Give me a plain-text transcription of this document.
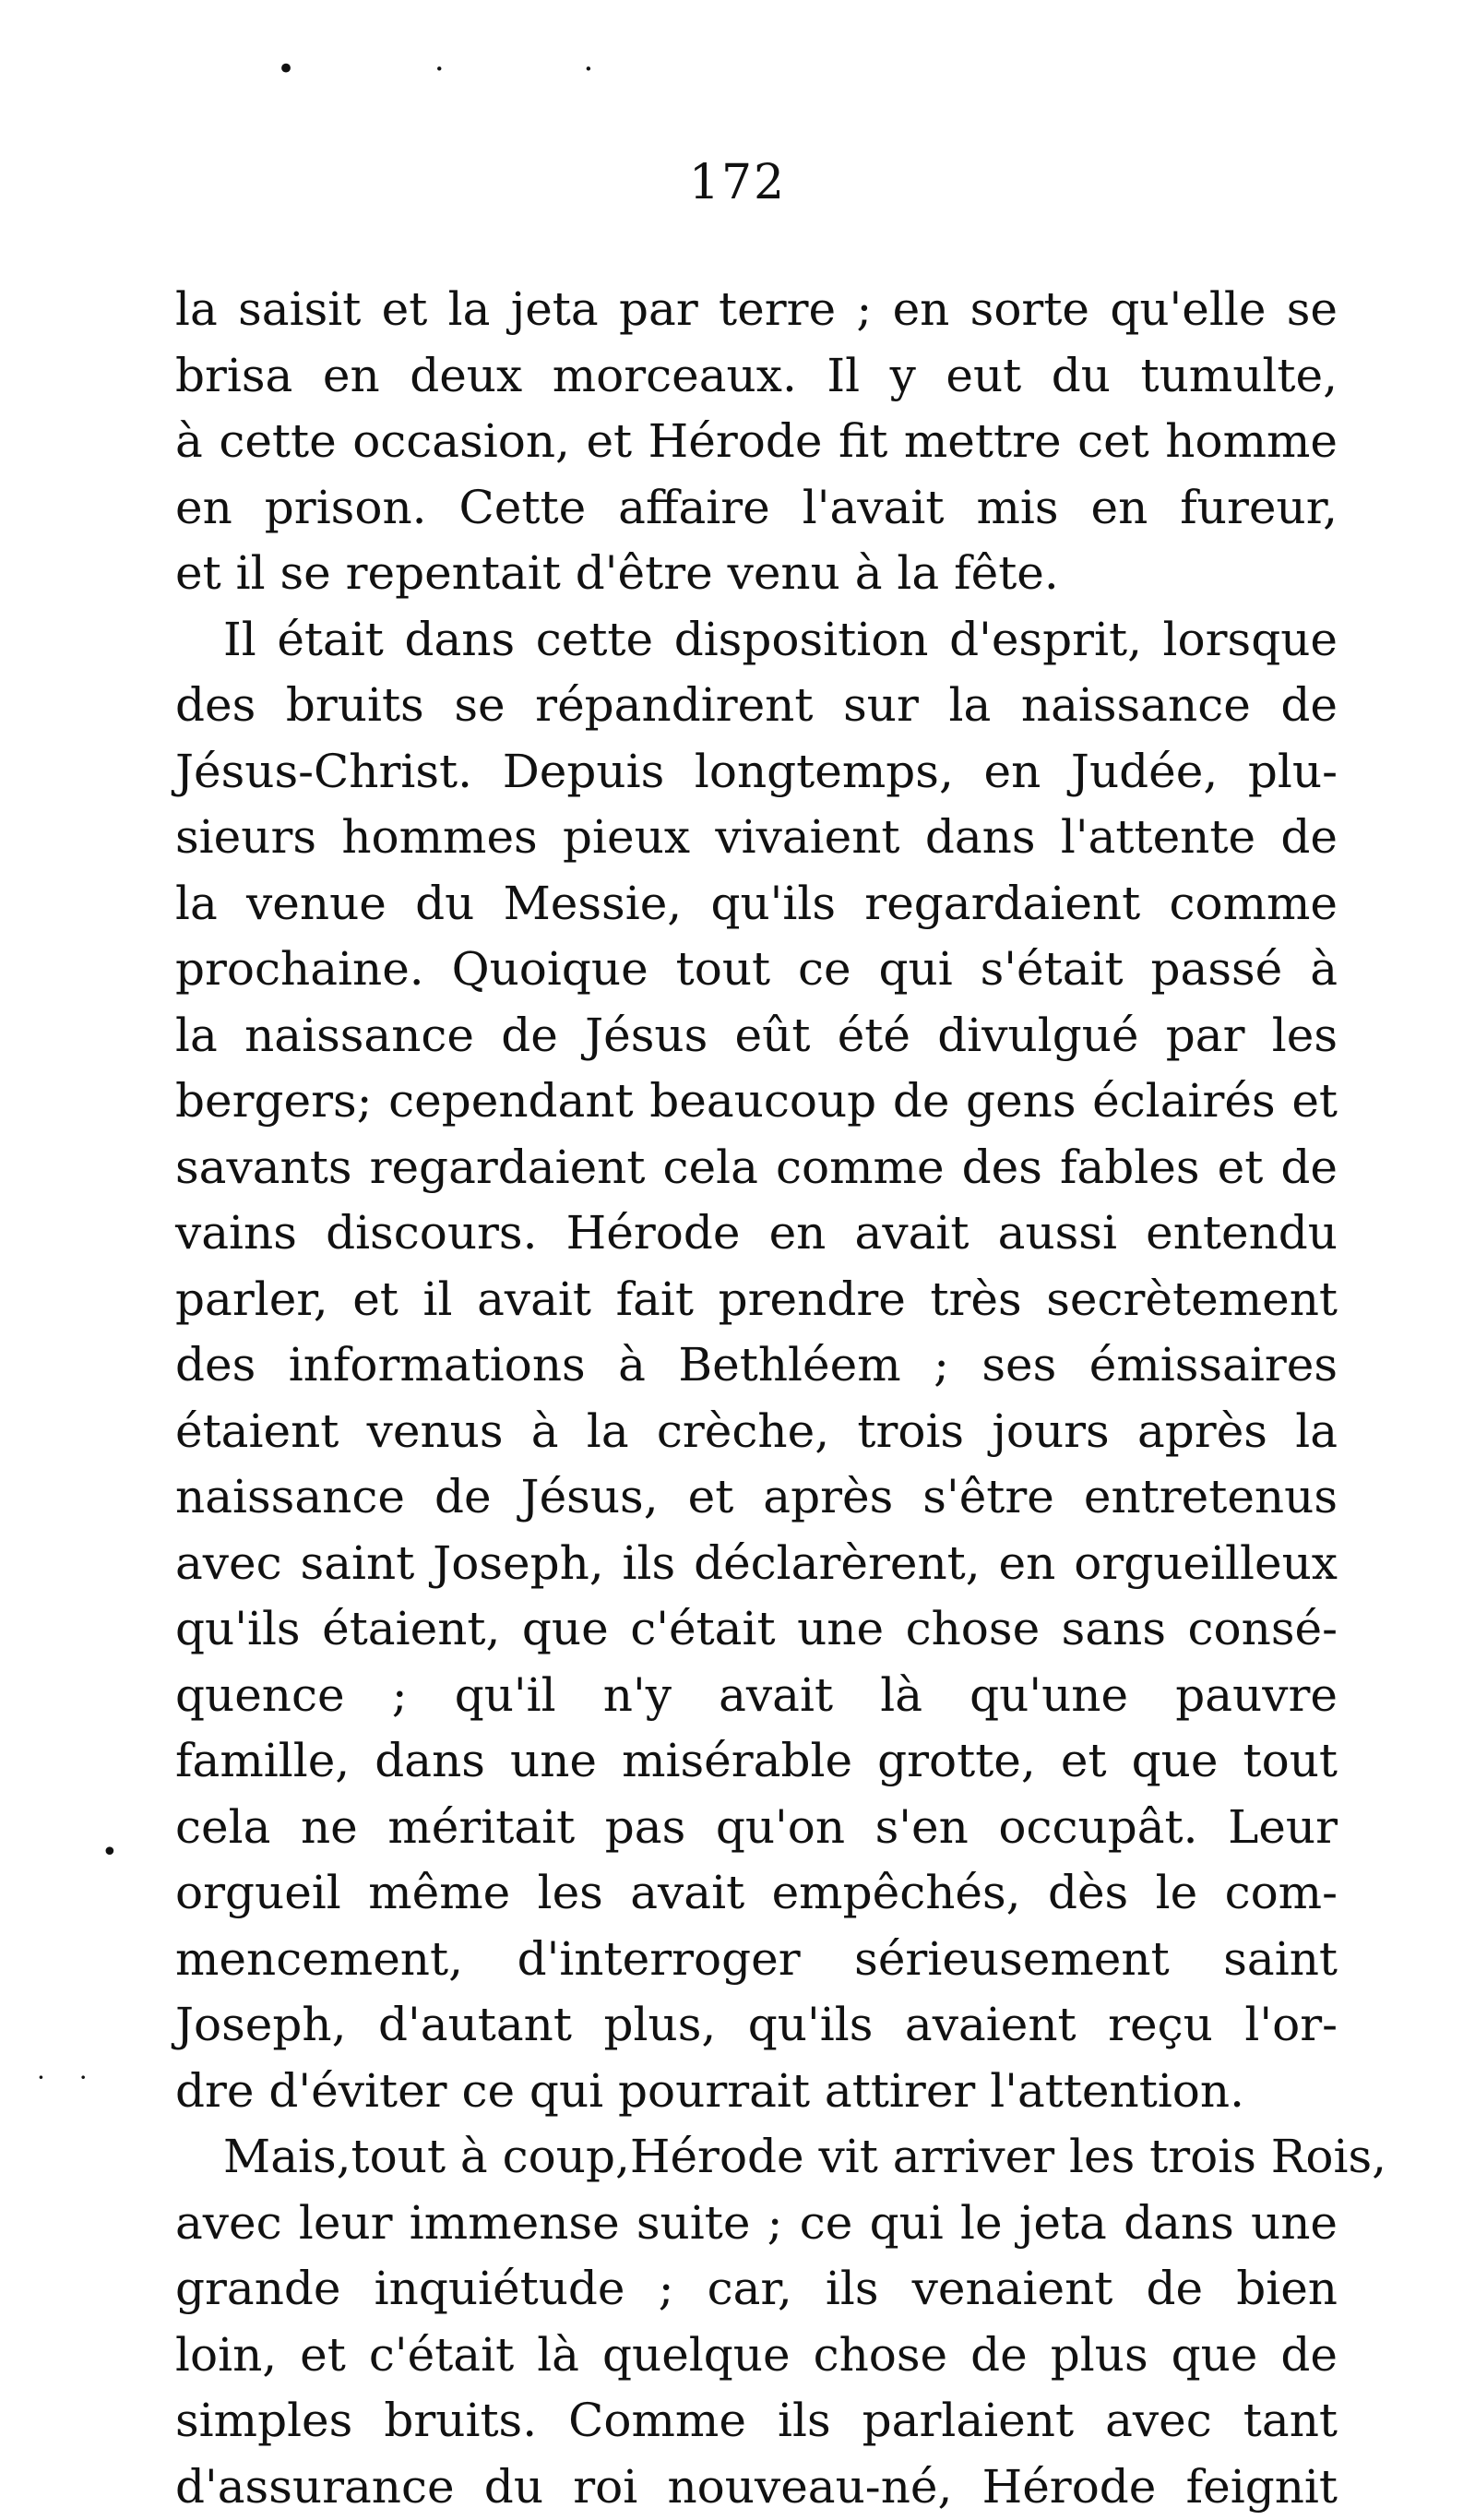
• · ·
172
la saisit et la jeta par terre ; en sorte qu'elle se
brisa en deux morceaux. Il y eut du tumulte,
à cette occasion, et Hérode fit mettre cet homme
en prison. Cette affaire l'avait mis en fureur,
et il se repentait d'être venu à la fête.
Il était dans cette disposition d'esprit, lorsque
des bruits se répandirent sur la naissance de
Jésus-Christ. Depuis longtemps, en Judée, plu-
sieurs hommes pieux vivaient dans l'attente de
la venue du Messie, qu'ils regardaient comme
prochaine. Quoique tout ce qui s'était passé à
la naissance de Jésus eût été divulgué par les
bergers; cependant beaucoup de gens éclairés et
savants regardaient cela comme des fables et de
vains discours. Hérode en avait aussi entendu
parler, et il avait fait prendre très secrètement
des informations à Bethléem ; ses émissaires
étaient venus à la crèche, trois jours après la
naissance de Jésus, et après s'être entretenus
avec saint Joseph, ils déclarèrent, en orgueilleux
qu'ils étaient, que c'était une chose sans consé-
quence ; qu'il n'y avait là qu'une pauvre
famille, dans une misérable grotte, et que tout
cela ne méritait pas qu'on s'en occupât. Leur
orgueil même les avait empêchés, dès le com-
mencement, d'interroger sérieusement saint
Joseph, d'autant plus, qu'ils avaient reçu l'or-
dre d'éviter ce qui pourrait attirer l'attention.
Mais,tout à coup,Hérode vit arriver les trois Rois,
avec leur immense suite ; ce qui le jeta dans une
grande inquiétude ; car, ils venaient de bien
loin, et c'était là quelque chose de plus que de
simples bruits. Comme ils parlaient avec tant
d'assurance du roi nouveau-né, Hérode feignit
•
· ·
